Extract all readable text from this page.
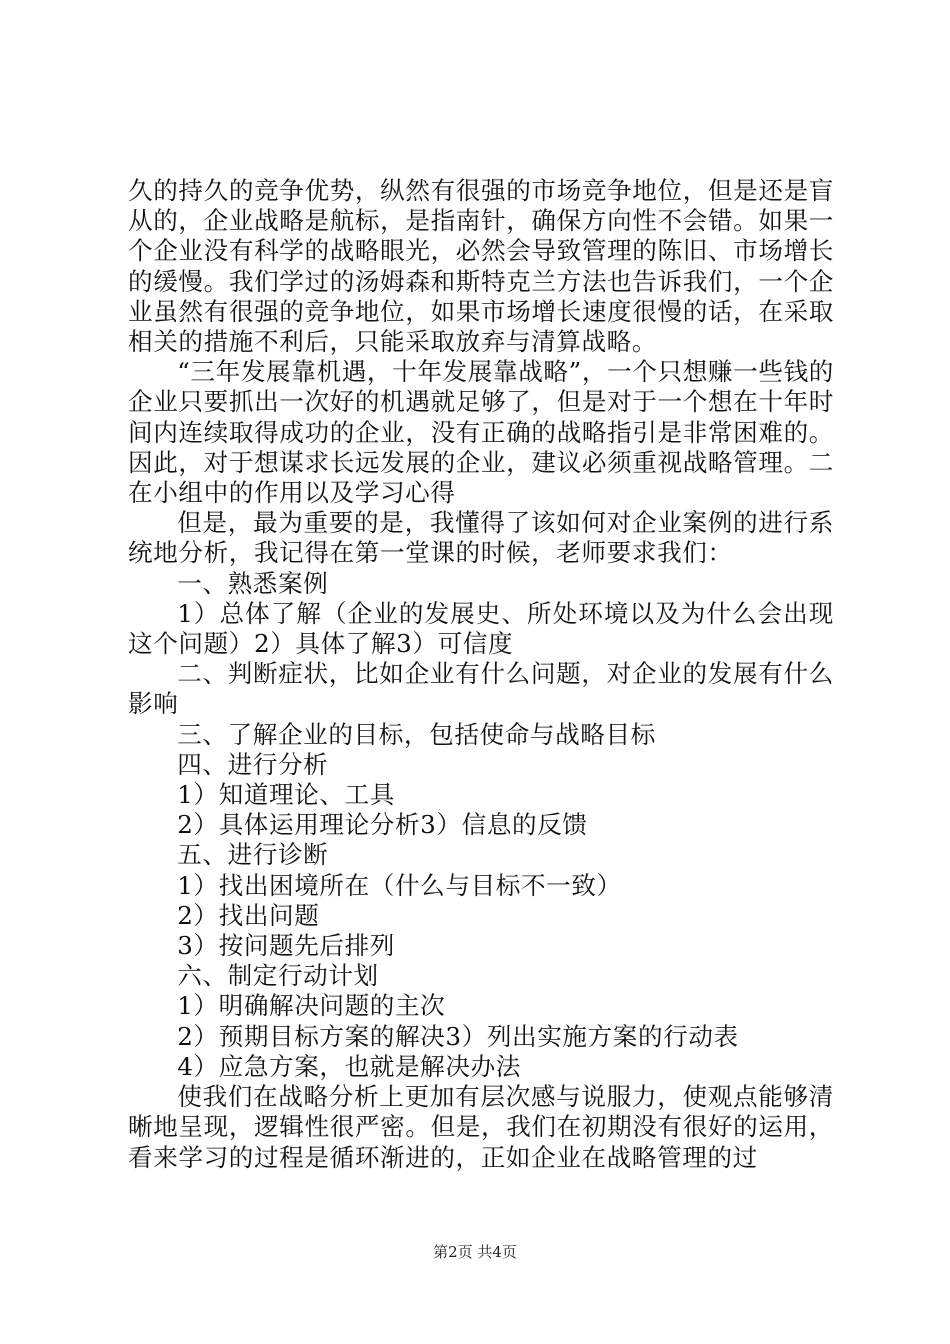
久的持久的竞争优势，纵然有很强的市场竞争地位，但是还是盲从的，企业战略是航标，是指南针，确保方向性不会错。如果一个企业没有科学的战略眼光，必然会导致管理的陈旧、市场增长的缓慢。我们学过的汤姆森和斯特克兰方法也告诉我们，一个企业虽然有很强的竞争地位，如果市场增长速度很慢的话，在采取相关的措施不利后，只能采取放弃与清算战略。

“三年发展靠机遇，十年发展靠战略”，一个只想赚一些钱的企业只要抓出一次好的机遇就足够了，但是对于一个想在十年时间内连续取得成功的企业，没有正确的战略指引是非常困难的。因此，对于想谋求长远发展的企业，建议必须重视战略管理。二在小组中的作用以及学习心得

但是，最为重要的是，我懂得了该如何对企业案例的进行系统地分析，我记得在第一堂课的时候，老师要求我们：

一、熟悉案例

1）总体了解（企业的发展史、所处环境以及为什么会出现这个问题）2）具体了解3）可信度

二、判断症状，比如企业有什么问题，对企业的发展有什么影响

三、了解企业的目标，包括使命与战略目标

四、进行分析

1）知道理论、工具

2）具体运用理论分析3）信息的反馈

五、进行诊断

1）找出困境所在（什么与目标不一致）

2）找出问题

3）按问题先后排列

六、制定行动计划

1）明确解决问题的主次

2）预期目标方案的解决3）列出实施方案的行动表

4）应急方案，也就是解决办法

使我们在战略分析上更加有层次感与说服力，使观点能够清晰地呈现，逻辑性很严密。但是，我们在初期没有很好的运用，看来学习的过程是循环渐进的，正如企业在战略管理的过

第2页 共4页
